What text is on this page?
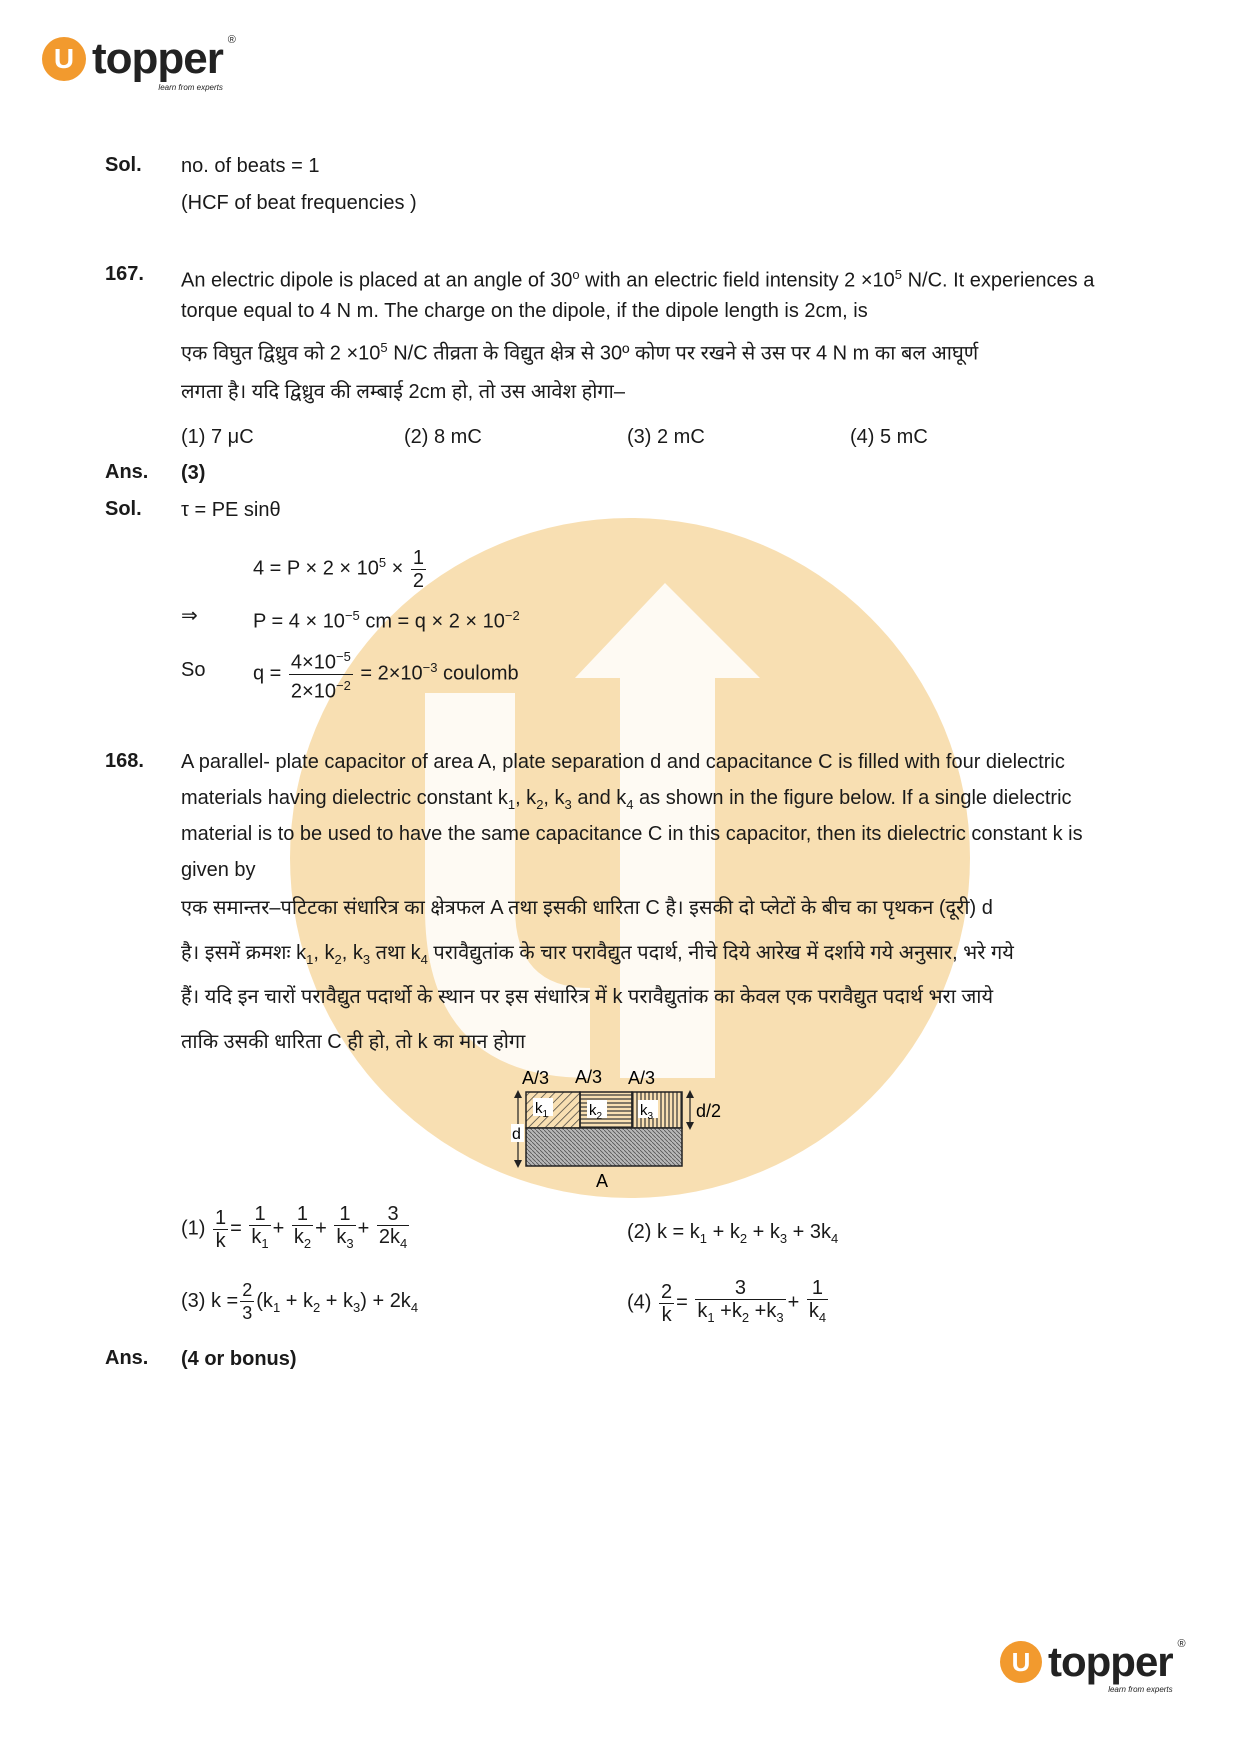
U topper ®
learn from experts
Sol. no. of beats = 1
(HCF of beat frequencies )
167. An electric dipole is placed at an angle of 30$^o$ with an electric field intensity $2 \times 10^5$ N/C. It experiences a
torque equal to 4 N m. The charge on the dipole, if the dipole length is 2cm, is
एक विघुत द्विध्रुव को $2 \times 10^5$ N/C तीव्रता के विद्युत क्षेत्र से 30º कोण पर रखने से उस पर 4 N m का बल आघूर्ण
लगता है। यदि द्विध्रुव की लम्बाई 2cm हो, तो उस आवेश होगा–
(1) 7 μC	(2) 8 mC	(3) 2 mC	(4) 5 mC
Ans. (3)
Sol. τ = PE sinθ
$4 = P \times 2 \times 10^5 \times \frac{1}{2}$
⇒	$P = 4 \times 10^{-5}$ cm = $q \times 2 \times 10^{-2}$
So $q = \frac{4\times 10^{-5}}{2\times 10^{-2}} = 2\times 10^{-3}$ coulomb
168. A parallel- plate capacitor of area A, plate separation d and capacitance C is filled with four dielectric
materials having dielectric constant $k_1$, $k_2$, $k_3$ and $k_4$ as shown in the figure below. If a single dielectric
material is to be used to have the same capacitance C in this capacitor, then its dielectric constant k is
given by
एक समान्तर–पटिटका संधारित्र का क्षेत्रफल A तथा इसकी धारिता C है। इसकी दो प्लेटों के बीच का पृथकन (दूरी) d
है। इसमें क्रमशः $k_1$, $k_2$, $k_3$ तथा $k_4$ परावैद्युतांक के चार परावैद्युत पदार्थ, नीचे दिये आरेख में दर्शाये गये अनुसार, भरे गये
हैं। यदि इन चारों परावैद्युत पदार्थो के स्थान पर इस संधारित्र में k परावैद्युतांक का केवल एक परावैद्युत पदार्थ भरा जाये
ताकि उसकी धारिता C ही हो, तो k का मान होगा
A/3 A/3 A/3
$k_1$	$k_2$	$k_3$
d
d/2
A
$(1) \frac{1}{k} = \frac{1}{k_1} + \frac{1}{k_2} + \frac{1}{k_3} + \frac{3}{2k_4}$	(2) $k = k_1 + k_2 + k_3 + 3k_4$
(3) $k = \frac{2}{3} (k_1 + k_2 + k_3) + 2k_4$	$(4) \frac{2}{k} = \frac{3}{k_1 +k_2 +k_3} + \frac{1}{k_4}$
Ans. (4 or bonus)
U topper ®
learn from experts
